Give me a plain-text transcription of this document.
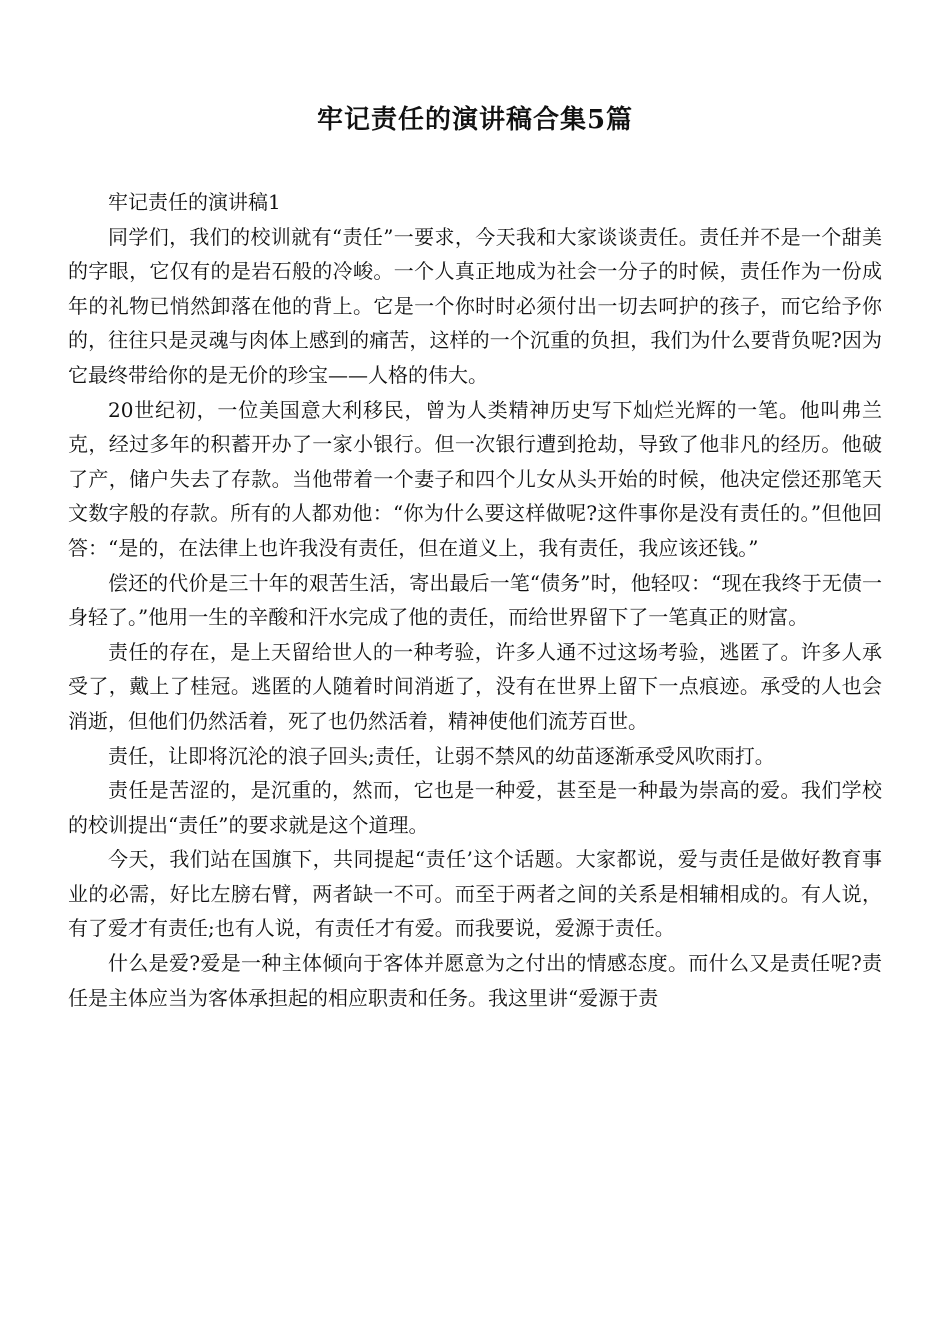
牢记责任的演讲稿合集5篇

牢记责任的演讲稿1

同学们，我们的校训就有“责任”一要求，今天我和大家谈谈责任。责任并不是一个甜美的字眼，它仅有的是岩石般的冷峻。一个人真正地成为社会一分子的时候，责任作为一份成年的礼物已悄然卸落在他的背上。它是一个你时时必须付出一切去呵护的孩子，而它给予你的，往往只是灵魂与肉体上感到的痛苦，这样的一个沉重的负担，我们为什么要背负呢?因为它最终带给你的是无价的珍宝——人格的伟大。

20世纪初，一位美国意大利移民，曾为人类精神历史写下灿烂光辉的一笔。他叫弗兰克，经过多年的积蓄开办了一家小银行。但一次银行遭到抢劫，导致了他非凡的经历。他破了产，储户失去了存款。当他带着一个妻子和四个儿女从头开始的时候，他决定偿还那笔天文数字般的存款。所有的人都劝他：“你为什么要这样做呢?这件事你是没有责任的。”但他回答：“是的，在法律上也许我没有责任，但在道义上，我有责任，我应该还钱。”

偿还的代价是三十年的艰苦生活，寄出最后一笔“债务”时，他轻叹：“现在我终于无债一身轻了。”他用一生的辛酸和汗水完成了他的责任，而给世界留下了一笔真正的财富。

责任的存在，是上天留给世人的一种考验，许多人通不过这场考验，逃匿了。许多人承受了，戴上了桂冠。逃匿的人随着时间消逝了，没有在世界上留下一点痕迹。承受的人也会消逝，但他们仍然活着，死了也仍然活着，精神使他们流芳百世。

责任，让即将沉沦的浪子回头;责任，让弱不禁风的幼苗逐渐承受风吹雨打。

责任是苦涩的，是沉重的，然而，它也是一种爱，甚至是一种最为崇高的爱。我们学校的校训提出“责任”的要求就是这个道理。

今天，我们站在国旗下，共同提起“责任’这个话题。大家都说，爱与责任是做好教育事业的必需，好比左膀右臂，两者缺一不可。而至于两者之间的关系是相辅相成的。有人说，有了爱才有责任;也有人说，有责任才有爱。而我要说，爱源于责任。

什么是爱?爱是一种主体倾向于客体并愿意为之付出的情感态度。而什么又是责任呢?责任是主体应当为客体承担起的相应职责和任务。我这里讲“爱源于责
